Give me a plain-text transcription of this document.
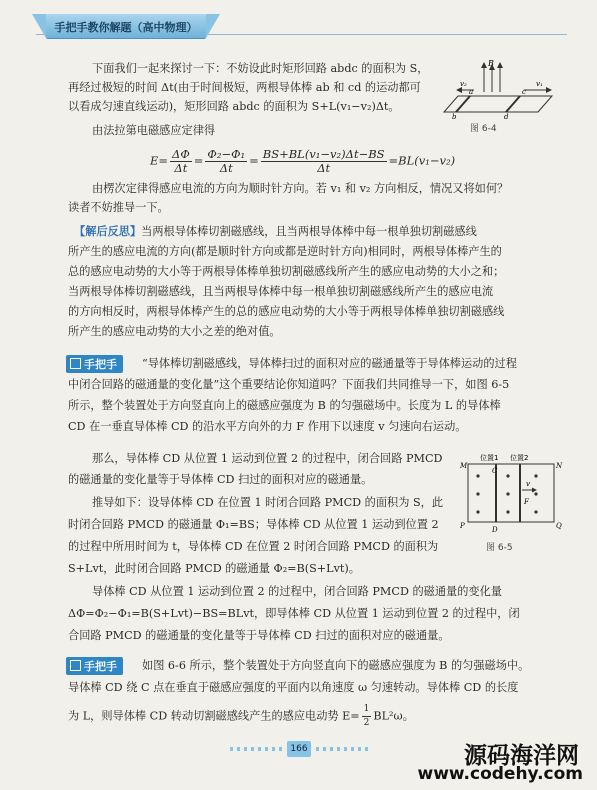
手把手教你解题（高中物理）
下面我们一起来探讨一下：不妨设此时矩形回路 abdc 的面积为 S，
再经过极短的时间 Δt(由于时间极短，两根导体棒 ab 和 cd 的运动都可
以看成匀速直线运动)，矩形回路 abdc 的面积为 S+L(v₁−v₂)Δt。
由法拉第电磁感应定律得
B
a
b
c
d
v₁
v₂
图 6-4
$E= \frac{\Delta\Phi}{\Delta t} = \frac{\text{Φ₂−Φ₁}}{\Delta t} = \frac{\text{BS+BL(v₁−v₂)Δt−BS}}{\Delta t} =BL(v_1-v_2)$
由楞次定律得感应电流的方向为顺时针方向。若 v₁ 和 v₂ 方向相反，情况又将如何？
读者不妨推导一下。
【解后反思】当两根导体棒切割磁感线，且当两根导体棒中每一根单独切割磁感线
所产生的感应电流的方向(都是顺时针方向或都是逆时针方向)相同时，两根导体棒产生的
总的感应电动势的大小等于两根导体棒单独切割磁感线所产生的感应电动势的大小之和；
当两根导体棒切割磁感线，且当两根导体棒中每一根单独切割磁感线所产生的感应电流
的方向相反时，两根导体棒产生的总的感应电动势的大小等于两根导体棒单独切割磁感线
所产生的感应电动势的大小之差的绝对值。
手把手	“导体棒切割磁感线，导体棒扫过的面积对应的磁通量等于导体棒运动的过程
中闭合回路的磁通量的变化量”这个重要结论你知道吗？下面我们共同推导一下，如图 6-5
所示，整个装置处于方向竖直向上的磁感应强度为 B 的匀强磁场中。长度为 L 的导体棒
CD 在一垂直导体棒 CD 的沿水平方向外的力 F 作用下以速度 v 匀速向右运动。
那么，导体棒 CD 从位置 1 运动到位置 2 的过程中，闭合回路 PMCD
的磁通量的变化量等于导体棒 CD 扫过的面积对应的磁通量。
推导如下：设导体棒 CD 在位置 1 时闭合回路 PMCD 的面积为 S，此
时闭合回路 PMCD 的磁通量 Φ₁=BS；导体棒 CD 从位置 1 运动到位置 2
的过程中所用时间为 t，导体棒 CD 在位置 2 时闭合回路 PMCD 的面积为
S+Lvt，此时闭合回路 PMCD 的磁通量 Φ₂=B(S+Lvt)。
位置1 位置2
M	N
P	Q
D
C
v
F
图 6-5
导体棒 CD 从位置 1 运动到位置 2 的过程中，闭合回路 PMCD 的磁通量的变化量
ΔΦ=Φ₂−Φ₁=B(S+Lvt)−BS=BLvt，即导体棒 CD 从位置 1 运动到位置 2 的过程中，闭
合回路 PMCD 的磁通量的变化量等于导体棒 CD 扫过的面积对应的磁通量。
手把手	如图 6-6 所示，整个装置处于方向竖直向下的磁感应强度为 B 的匀强磁场中。
导体棒 CD 绕 C 点在垂直于磁感应强度的平面内以角速度 ω 匀速转动。导体棒 CD 的长度
为 L，则导体棒 CD 转动切割磁感线产生的感应电动势 $E= \frac{1}{2} BL^2\omega$。
166	源码海洋网
www.codehy.com
